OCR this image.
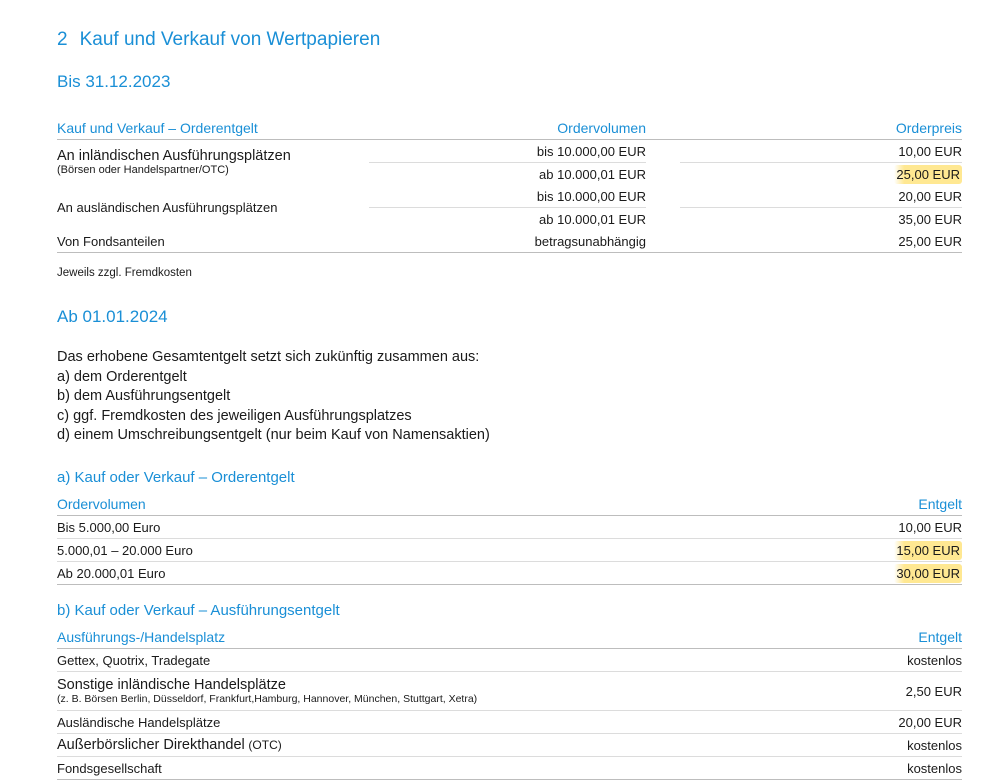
2 Kauf und Verkauf von Wertpapieren
Bis 31.12.2023
Kauf und Verkauf – Orderentgelt	Ordervolumen		Orderpreis
An inländischen Ausführungsplätzen
(Börsen oder Handelspartner/OTC)	bis 10.000,00 EUR		10,00 EUR
	ab 10.000,01 EUR		25,00 EUR
An ausländischen Ausführungsplätzen	bis 10.000,00 EUR		20,00 EUR
	ab 10.000,01 EUR		35,00 EUR
Von Fondsanteilen	betragsunabhängig		25,00 EUR
Jeweils zzgl. Fremdkosten
Ab 01.01.2024
Das erhobene Gesamtentgelt setzt sich zukünftig zusammen aus:
a) dem Orderentgelt
b) dem Ausführungsentgelt
c) ggf. Fremdkosten des jeweiligen Ausführungsplatzes
d) einem Umschreibungsentgelt (nur beim Kauf von Namensaktien)
a) Kauf oder Verkauf – Orderentgelt
Ordervolumen	Entgelt
Bis 5.000,00 Euro	10,00 EUR
5.000,01 – 20.000 Euro	15,00 EUR
Ab 20.000,01 Euro	30,00 EUR
b) Kauf oder Verkauf – Ausführungsentgelt
Ausführungs-/Handelsplatz	Entgelt
Gettex, Quotrix, Tradegate	kostenlos
Sonstige inländische Handelsplätze
(z. B. Börsen Berlin, Düsseldorf, Frankfurt,Hamburg, Hannover, München, Stuttgart, Xetra)	2,50 EUR
Ausländische Handelsplätze	20,00 EUR
Außerbörslicher Direkthandel (OTC)	kostenlos
Fondsgesellschaft	kostenlos
